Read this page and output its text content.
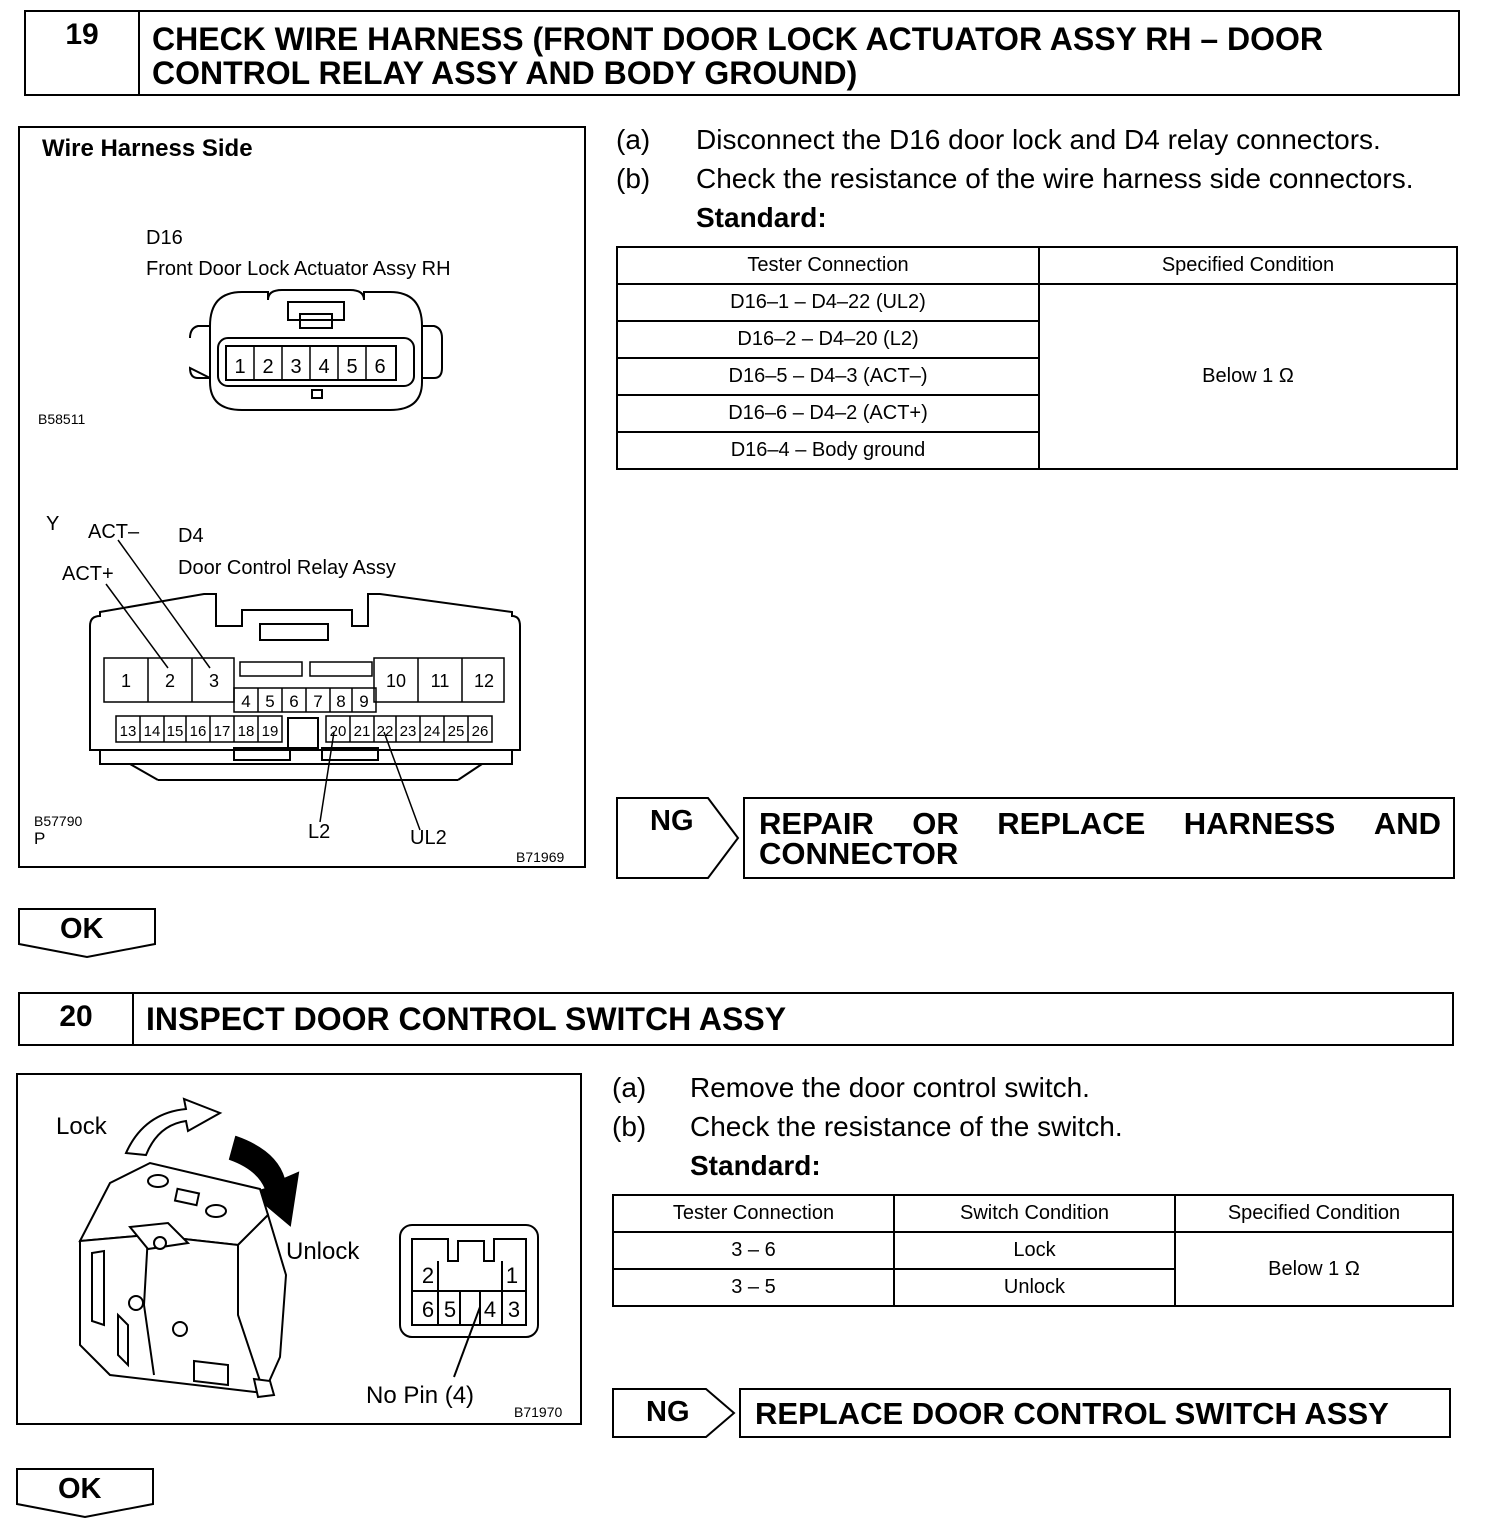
19	CHECK WIRE HARNESS (FRONT DOOR LOCK ACTUATOR ASSY RH – DOOR
CONTROL RELAY ASSY AND BODY GROUND)
Wire Harness Side
D16
Front Door Lock Actuator Assy RH
1 2 3 4 5 6
B58511
Y ACT–
ACT+
D4
Door Control Relay Assy
1 2 3	10 11 12
4 5 6 7 8 9
13 14 15 16 17 18 19	20 21 22 23 24 25 26
L2	UL2
B57790
P
B71969
(a) Disconnect the D16 door lock and D4 relay connectors.
(b) Check the resistance of the wire harness side connectors.
Standard:
Tester Connection	Specified Condition
D16–1 – D4–22 (UL2)	Below 1 Ω
D16–2 – D4–20 (L2)	
D16–5 – D4–3 (ACT–)	
D16–6 – D4–2 (ACT+)	
D16–4 – Body ground	
NG REPAIR OR REPLACE HARNESS AND
CONNECTOR
OK
20	INSPECT DOOR CONTROL SWITCH ASSY
Lock
Unlock
2	1
6 5 4 3
No Pin (4)
B71970
(a) Remove the door control switch.
(b) Check the resistance of the switch.
Standard:
Tester Connection	Switch Condition	Specified Condition
3 – 6	Lock	Below 1 Ω
3 – 5	Unlock	
NG	REPLACE DOOR CONTROL SWITCH ASSY
OK
